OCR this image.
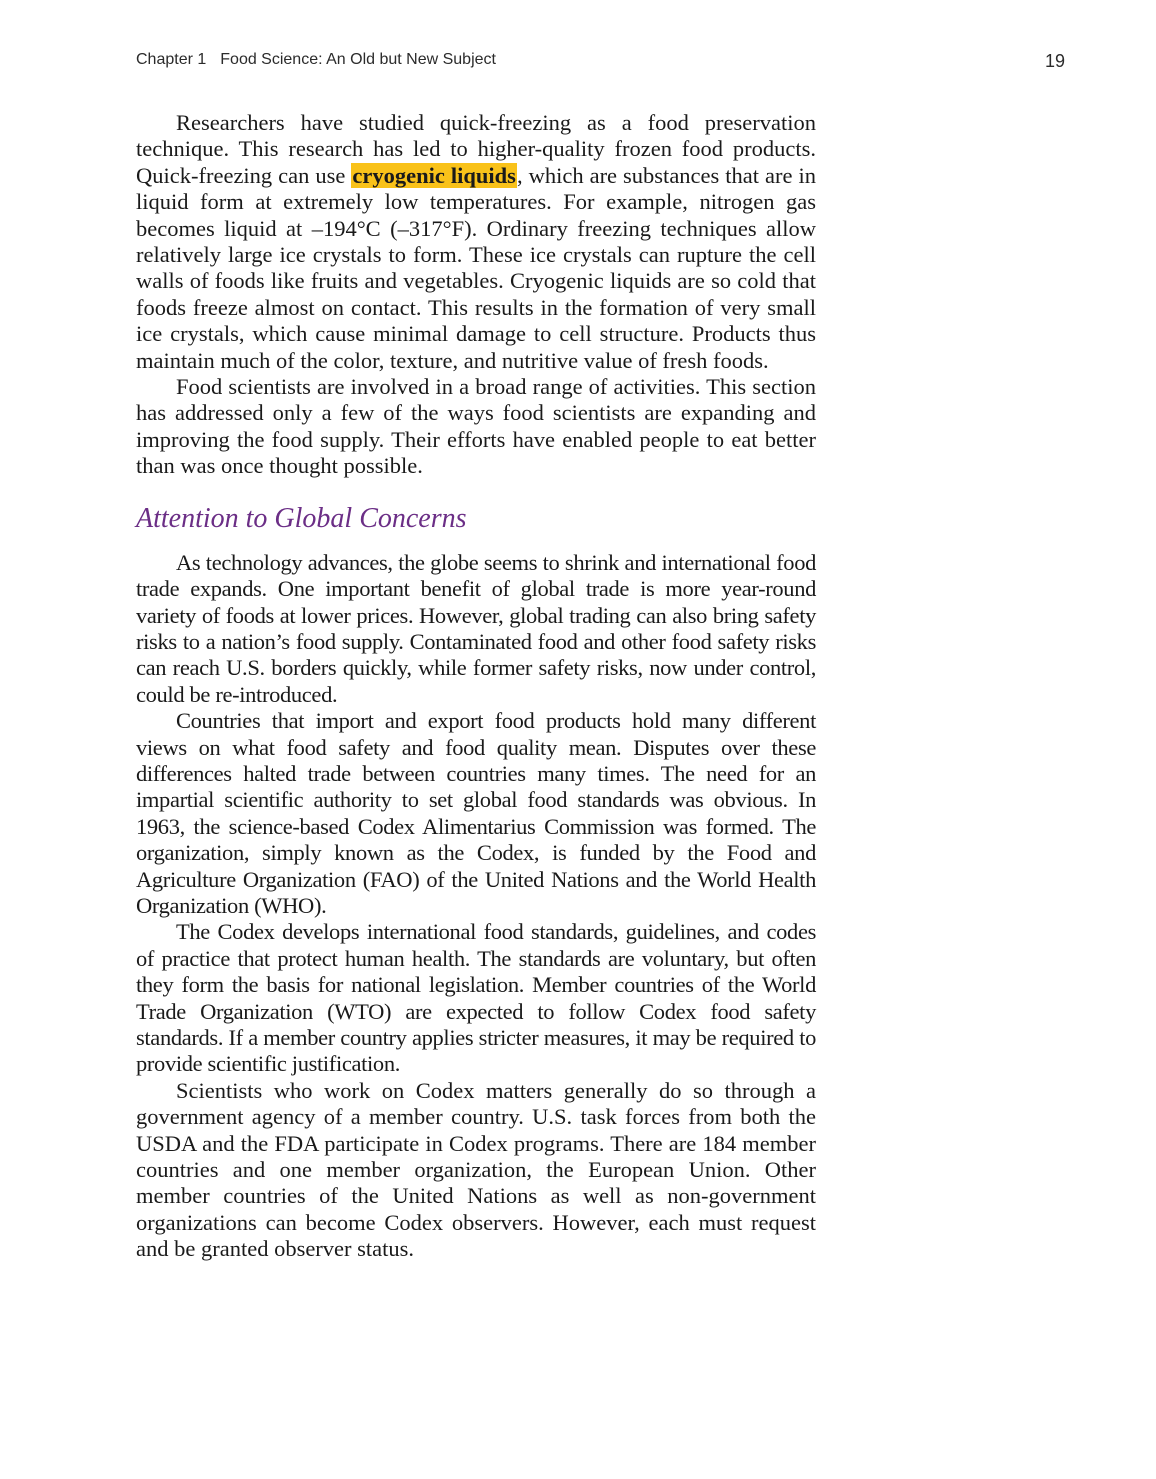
Chapter 1 Food Science: An Old but New Subject	19

Researchers have studied quick-freezing as a food preservation technique. This research has led to higher-quality frozen food products. Quick-freezing can use cryogenic liquids, which are substances that are in liquid form at extremely low temperatures. For example, nitrogen gas becomes liquid at –194°C (–317°F). Ordinary freezing techniques allow relatively large ice crystals to form. These ice crystals can rupture the cell walls of foods like fruits and vegetables. Cryogenic liquids are so cold that foods freeze almost on contact. This results in the formation of very small ice crystals, which cause minimal damage to cell structure. Products thus maintain much of the color, texture, and nutritive value of fresh foods.

Food scientists are involved in a broad range of activities. This section has addressed only a few of the ways food scientists are expanding and improving the food supply. Their efforts have enabled people to eat better than was once thought possible.

Attention to Global Concerns

As technology advances, the globe seems to shrink and international food trade expands. One important benefit of global trade is more year-round variety of foods at lower prices. However, global trading can also bring safety risks to a nation’s food supply. Contaminated food and other food safety risks can reach U.S. borders quickly, while former safety risks, now under control, could be re-introduced.

Countries that import and export food products hold many different views on what food safety and food quality mean. Disputes over these differences halted trade between countries many times. The need for an impartial scientific authority to set global food standards was obvious. In 1963, the science-based Codex Alimentarius Commission was formed. The organization, simply known as the Codex, is funded by the Food and Agriculture Organization (FAO) of the United Nations and the World Health Organization (WHO).

The Codex develops international food standards, guidelines, and codes of practice that protect human health. The standards are voluntary, but often they form the basis for national legislation. Member countries of the World Trade Organization (WTO) are expected to follow Codex food safety standards. If a member country applies stricter measures, it may be required to provide scientific justification.

Scientists who work on Codex matters generally do so through a government agency of a member country. U.S. task forces from both the USDA and the FDA participate in Codex programs. There are 184 member countries and one member organization, the European Union. Other member countries of the United Nations as well as non-government organizations can become Codex observers. However, each must request and be granted observer status.
